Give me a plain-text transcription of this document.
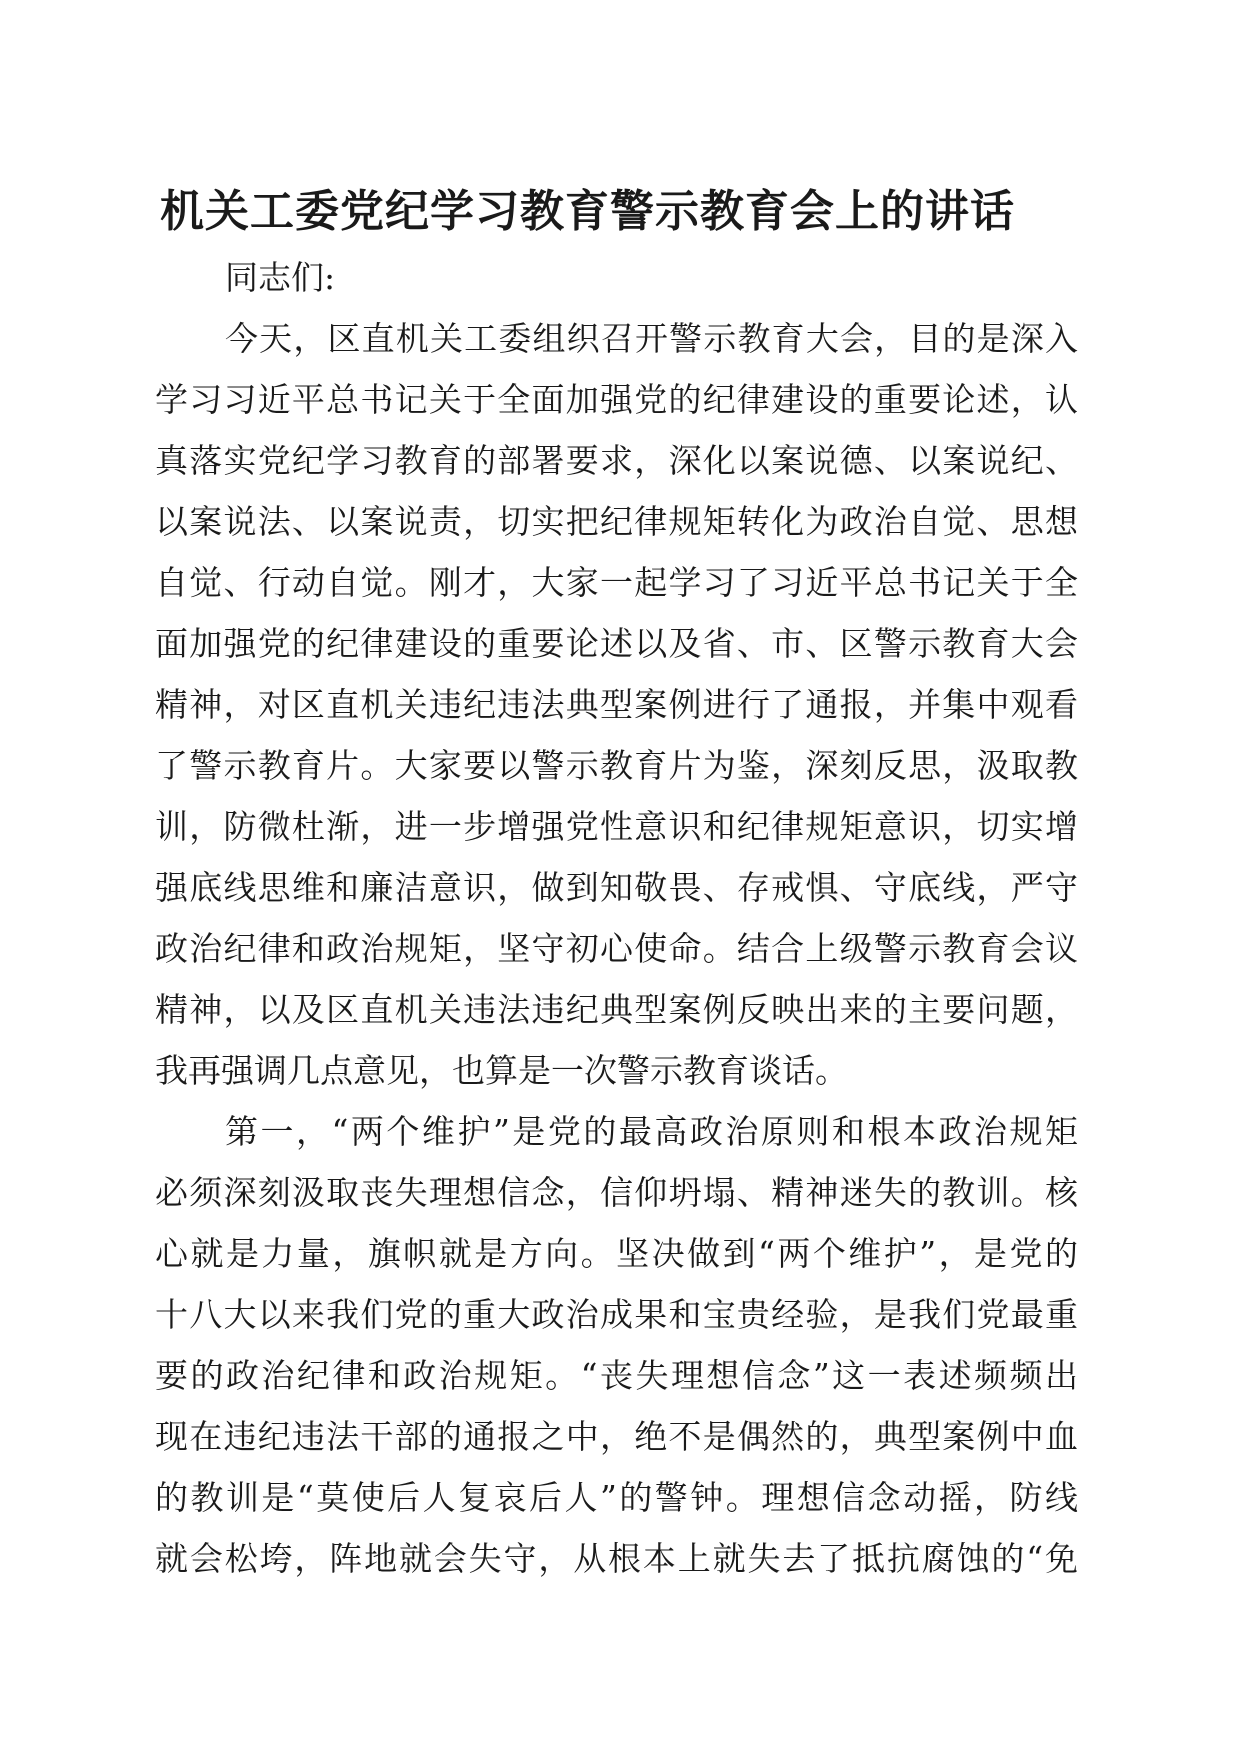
机关工委党纪学习教育警示教育会上的讲话
同志们:
今天，区直机关工委组织召开警示教育大会，目的是深入
学习习近平总书记关于全面加强党的纪律建设的重要论述，认
真落实党纪学习教育的部署要求，深化以案说德、以案说纪、
以案说法、以案说责，切实把纪律规矩转化为政治自觉、思想
自觉、行动自觉。刚才，大家一起学习了习近平总书记关于全
面加强党的纪律建设的重要论述以及省、市、区警示教育大会
精神，对区直机关违纪违法典型案例进行了通报，并集中观看
了警示教育片。大家要以警示教育片为鉴，深刻反思，汲取教
训，防微杜渐，进一步增强党性意识和纪律规矩意识，切实增
强底线思维和廉洁意识，做到知敬畏、存戒惧、守底线，严守
政治纪律和政治规矩，坚守初心使命。结合上级警示教育会议
精神，以及区直机关违法违纪典型案例反映出来的主要问题，
我再强调几点意见，也算是一次警示教育谈话。
第一，“两个维护”是党的最高政治原则和根本政治规矩
必须深刻汲取丧失理想信念，信仰坍塌、精神迷失的教训。核
心就是力量，旗帜就是方向。坚决做到“两个维护”，是党的
十八大以来我们党的重大政治成果和宝贵经验，是我们党最重
要的政治纪律和政治规矩。“丧失理想信念”这一表述频频出
现在违纪违法干部的通报之中，绝不是偶然的，典型案例中血
的教训是“莫使后人复哀后人”的警钟。理想信念动摇，防线
就会松垮，阵地就会失守，从根本上就失去了抵抗腐蚀的“免
